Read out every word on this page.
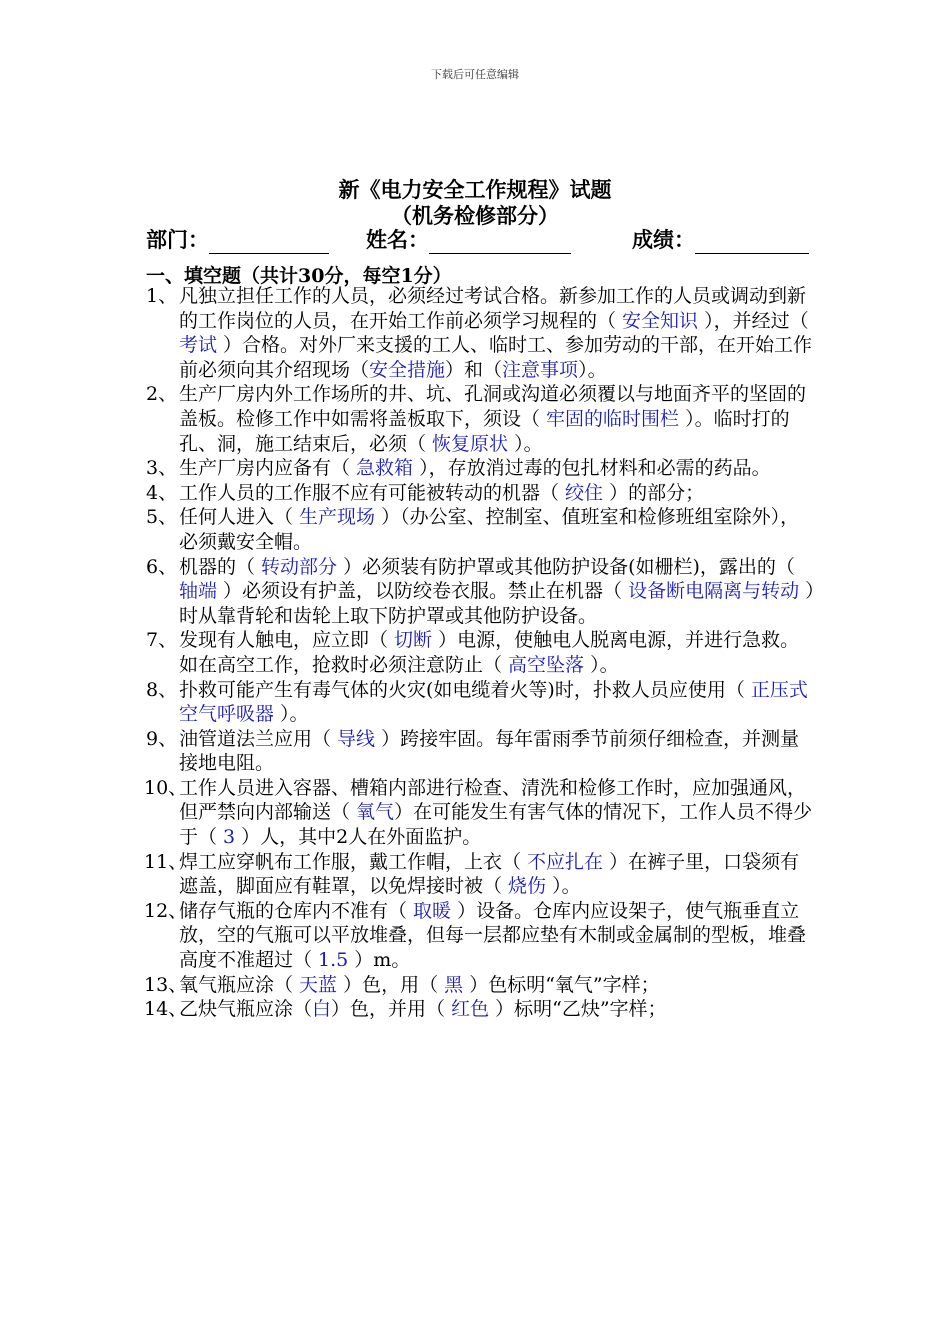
下载后可任意编辑
新《电力安全工作规程》试题
（机务检修部分）
部门：	姓名：	成绩：
一、填空题（共计30分，每空1分）
1、 凡独立担任工作的人员，必须经过考试合格。新参加工作的人员或调动到新的工作岗位的人员，在开始工作前必须学习规程的（ 安全知识 ），并经过（ 考试 ）合格。对外厂来支援的工人、临时工、参加劳动的干部，在开始工作前必须向其介绍现场（安全措施）和（注意事项）。
2、 生产厂房内外工作场所的井、坑、孔洞或沟道必须覆以与地面齐平的坚固的盖板。检修工作中如需将盖板取下，须设（ 牢固的临时围栏 ）。临时打的孔、洞，施工结束后，必须（ 恢复原状 ）。
3、 生产厂房内应备有（ 急救箱 ），存放消过毒的包扎材料和必需的药品。
4、 工作人员的工作服不应有可能被转动的机器（ 绞住 ）的部分；
5、 任何人进入（ 生产现场 ）（办公室、控制室、值班室和检修班组室除外），必须戴安全帽。
6、 机器的（ 转动部分 ）必须装有防护罩或其他防护设备(如栅栏)，露出的（ 轴端 ）必须设有护盖，以防绞卷衣服。禁止在机器（ 设备断电隔离与转动 ）时从靠背轮和齿轮上取下防护罩或其他防护设备。
7、 发现有人触电，应立即（ 切断 ）电源，使触电人脱离电源，并进行急救。如在高空工作，抢救时必须注意防止（ 高空坠落 ）。
8、 扑救可能产生有毒气体的火灾(如电缆着火等)时，扑救人员应使用（ 正压式空气呼吸器 ）。
9、 油管道法兰应用（ 导线 ）跨接牢固。每年雷雨季节前须仔细检查，并测量接地电阻。
10、
工作人员进入容器、槽箱内部进行检查、清洗和检修工作时，应加强通风，但严禁向内部输送（ 氧气）在可能发生有害气体的情况下，工作人员不得少于（ 3 ）人，其中2人在外面监护。
11、
焊工应穿帆布工作服，戴工作帽，上衣（ 不应扎在 ）在裤子里，口袋须有遮盖，脚面应有鞋罩，以免焊接时被（ 烧伤 ）。
12、
储存气瓶的仓库内不准有（ 取暖 ）设备。仓库内应设架子，使气瓶垂直立放，空的气瓶可以平放堆叠，但每一层都应垫有木制或金属制的型板，堆叠高度不准超过（ 1.5 ）m。
13、
氧气瓶应涂（ 天蓝 ）色，用（ 黑 ）色标明“氧气”字样；
14、
乙炔气瓶应涂（白）色，并用（ 红色 ）标明“乙炔”字样；
